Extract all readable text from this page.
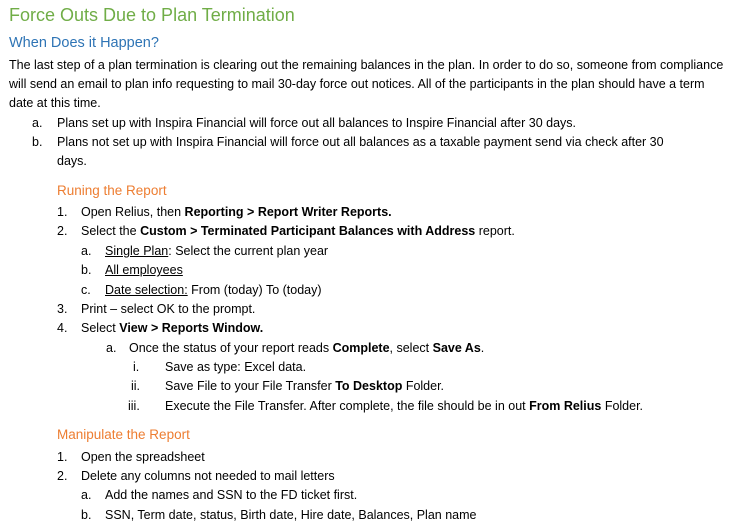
Force Outs Due to Plan Termination
When Does it Happen?
The last step of a plan termination is clearing out the remaining balances in the plan. In order to do so, someone from compliance will send an email to plan info requesting to mail 30-day force out notices. All of the participants in the plan should have a term date at this time.
a. Plans set up with Inspira Financial will force out all balances to Inspire Financial after 30 days.
b. Plans not set up with Inspira Financial will force out all balances as a taxable payment send via check after 30
days.
Runing the Report
1. Open Relius, then Reporting > Report Writer Reports.
2. Select the Custom > Terminated Participant Balances with Address report.
a. Single Plan: Select the current plan year
b. All employees
c. Date selection: From (today) To (today)
3. Print – select OK to the prompt.
4. Select View > Reports Window.
a. Once the status of your report reads Complete, select Save As.
i. Save as type: Excel data.
ii. Save File to your File Transfer To Desktop Folder.
iii. Execute the File Transfer. After complete, the file should be in out From Relius Folder.
Manipulate the Report
1. Open the spreadsheet
2. Delete any columns not needed to mail letters
a. Add the names and SSN to the FD ticket first.
b. SSN, Term date, status, Birth date, Hire date, Balances, Plan name
